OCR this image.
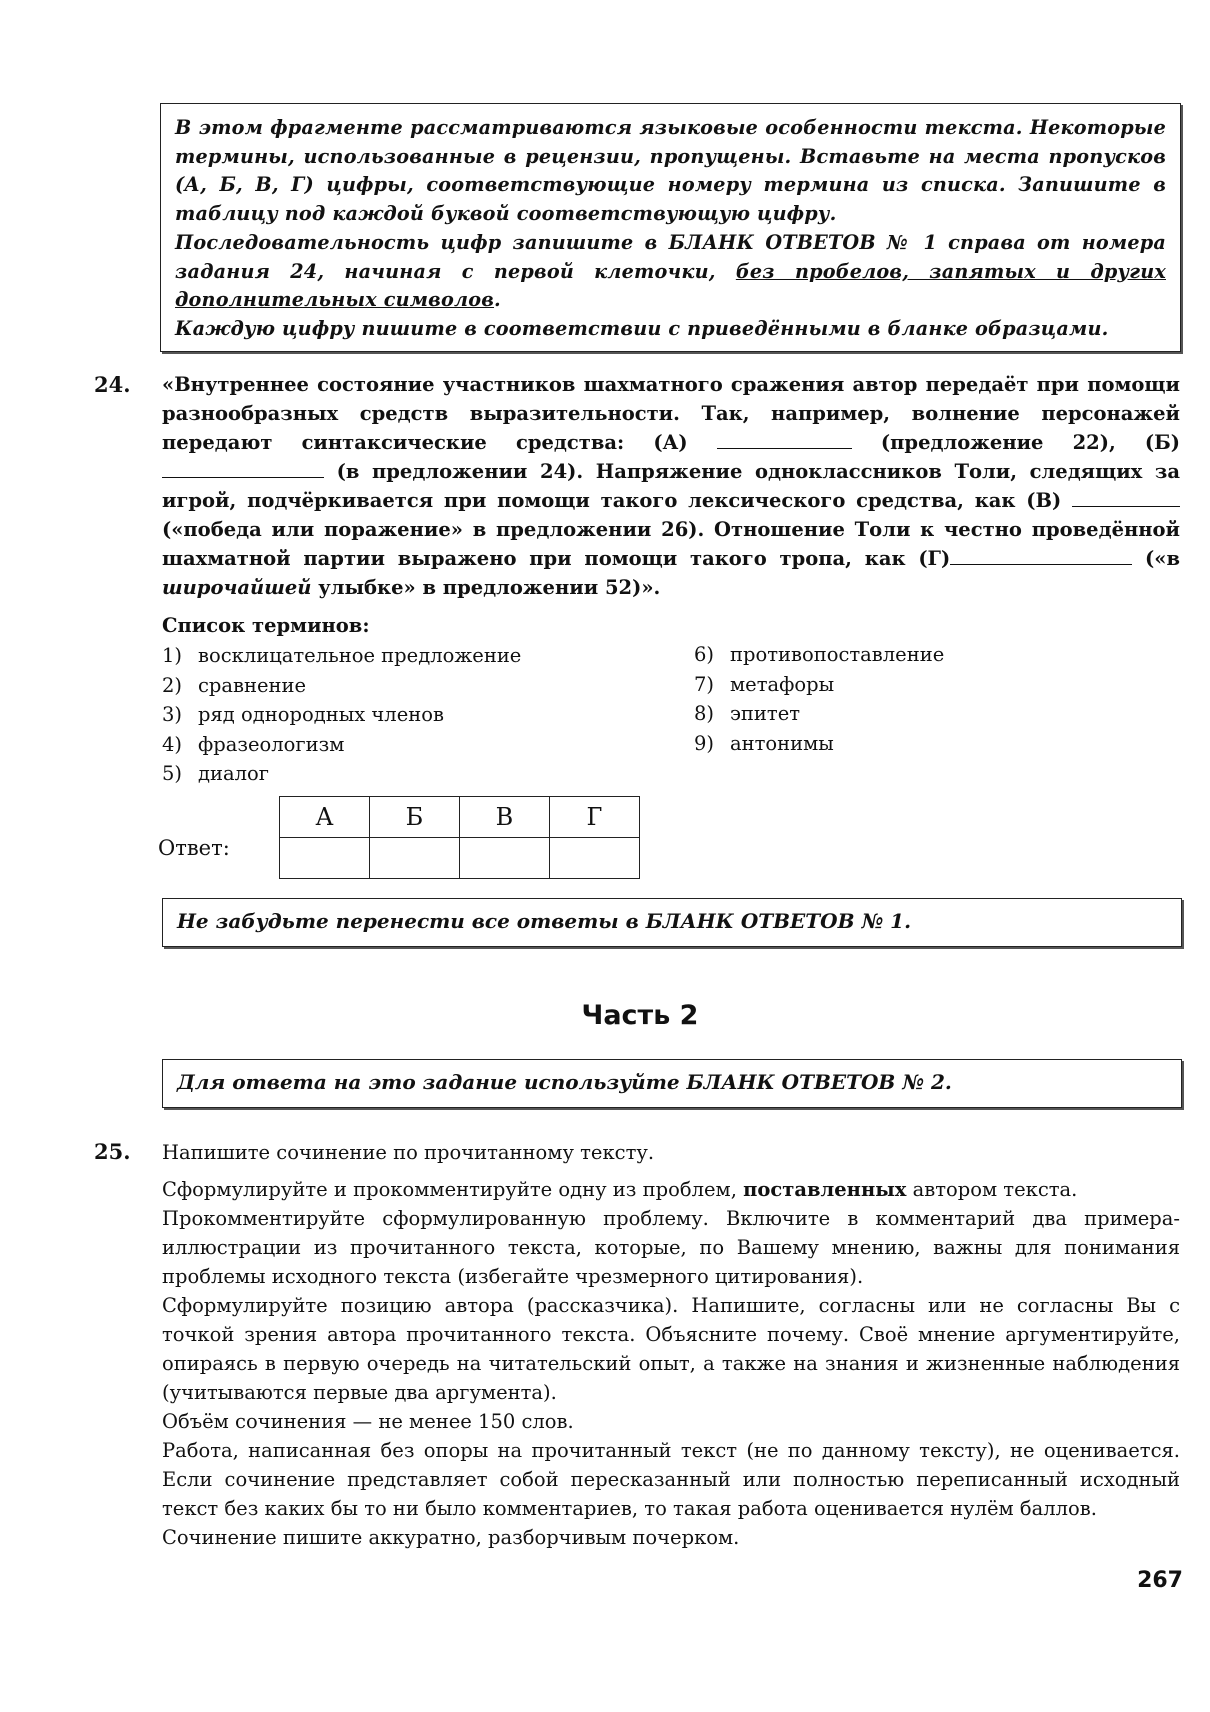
В этом фрагменте рассматриваются языковые особенности текста. Некоторые термины, использованные в рецензии, пропущены. Вставьте на места пропусков (А, Б, В, Г) цифры, соответствующие номеру термина из списка. Запишите в таблицу под каждой буквой соответствующую цифру.

Последовательность цифр запишите в БЛАНК ОТВЕТОВ № 1 справа от номера задания 24, начиная с первой клеточки, без пробелов, запятых и других дополнительных символов.

Каждую цифру пишите в соответствии с приведёнными в бланке образцами.

24. «Внутреннее состояние участников шахматного сражения автор передаёт при помощи разнообразных средств выразительности. Так, например, волнение персонажей передают синтаксические средства: (А)	(предложение 22), (Б) (в предложении 24). Напряжение одноклассников Толи, следящих за игрой, подчёркивается при помощи такого лексического средства, как (В) («победа или поражение» в предложении 26). Отношение Толи к честно проведённой шахматной партии выражено при помощи такого тропа, как (Г)	(«в широчайшей улыбке» в предложении 52)».
Список терминов:
1) восклицательное предложение
2) сравнение
3) ряд однородных членов
4) фразеологизм
5) диалог
6) противопоставление
7) метафоры
8) эпитет
9) антонимы
Ответ:
А	Б	В	Г

Не забудьте перенести все ответы в БЛАНК ОТВЕТОВ № 1.
Часть 2
Для ответа на это задание используйте БЛАНК ОТВЕТОВ № 2.
25. Напишите сочинение по прочитанному тексту.

Сформулируйте и прокомментируйте одну из проблем, поставленных автором текста.

Прокомментируйте сформулированную проблему. Включите в комментарий два примера-иллюстрации из прочитанного текста, которые, по Вашему мнению, важны для понимания проблемы исходного текста (избегайте чрезмерного цитирования).

Сформулируйте позицию автора (рассказчика). Напишите, согласны или не согласны Вы с точкой зрения автора прочитанного текста. Объясните почему. Своё мнение аргументируйте, опираясь в первую очередь на читательский опыт, а также на знания и жизненные наблюдения (учитываются первые два аргумента).

Объём сочинения — не менее 150 слов.

Работа, написанная без опоры на прочитанный текст (не по данному тексту), не оценивается. Если сочинение представляет собой пересказанный или полностью переписанный исходный текст без каких бы то ни было комментариев, то такая работа оценивается нулём баллов.

Сочинение пишите аккуратно, разборчивым почерком.

267
